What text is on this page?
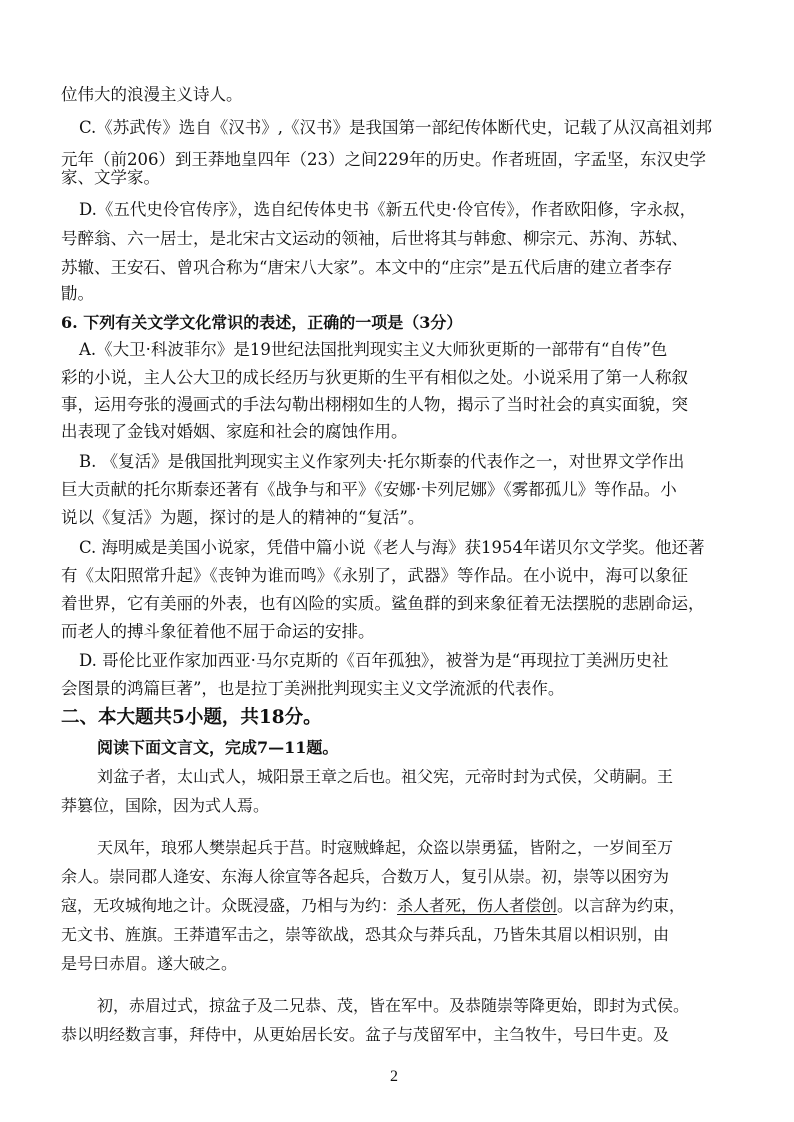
位伟大的浪漫主义诗人。
C.《苏武传》选自《汉书》,《汉书》是我国第一部纪传体断代史，记载了从汉高祖刘邦
元年（前206）到王莽地皇四年（23）之间229年的历史。作者班固，字孟坚，东汉史学
家、文学家。
D.《五代史伶官传序》，选自纪传体史书《新五代史·伶官传》，作者欧阳修，字永叔，
号醉翁、六一居士，是北宋古文运动的领袖，后世将其与韩愈、柳宗元、苏洵、苏轼、
苏辙、王安石、曾巩合称为“唐宋八大家”。本文中的“庄宗”是五代后唐的建立者李存
勖。
6. 下列有关文学文化常识的表述，正确的一项是（3分）
A.《大卫·科波菲尔》是19世纪法国批判现实主义大师狄更斯的一部带有“自传”色
彩的小说，主人公大卫的成长经历与狄更斯的生平有相似之处。小说采用了第一人称叙
事，运用夸张的漫画式的手法勾勒出栩栩如生的人物，揭示了当时社会的真实面貌，突
出表现了金钱对婚姻、家庭和社会的腐蚀作用。
B. 《复活》是俄国批判现实主义作家列夫·托尔斯泰的代表作之一，对世界文学作出
巨大贡献的托尔斯泰还著有《战争与和平》《安娜·卡列尼娜》《雾都孤儿》等作品。小
说以《复活》为题，探讨的是人的精神的“复活”。
C. 海明威是美国小说家，凭借中篇小说《老人与海》获1954年诺贝尔文学奖。他还著
有《太阳照常升起》《丧钟为谁而鸣》《永别了，武器》等作品。在小说中，海可以象征
着世界，它有美丽的外表，也有凶险的实质。鲨鱼群的到来象征着无法摆脱的悲剧命运，
而老人的搏斗象征着他不屈于命运的安排。
D. 哥伦比亚作家加西亚·马尔克斯的《百年孤独》，被誉为是“再现拉丁美洲历史社
会图景的鸿篇巨著”，也是拉丁美洲批判现实主义文学流派的代表作。
二、本大题共5小题，共18分。
阅读下面文言文，完成7—11题。
刘盆子者，太山式人，城阳景王章之后也。祖父宪，元帝时封为式侯，父萌嗣。王
莽篡位，国除，因为式人焉。
天凤年，琅邪人樊崇起兵于莒。时寇贼蜂起，众盗以崇勇猛，皆附之，一岁间至万
余人。崇同郡人逄安、东海人徐宣等各起兵，合数万人，复引从崇。初，崇等以困穷为
寇，无攻城徇地之计。众既浸盛，乃相与为约：杀人者死，伤人者偿创。以言辞为约束，
无文书、旌旗。王莽遣军击之，崇等欲战，恐其众与莽兵乱，乃皆朱其眉以相识别，由
是号曰赤眉。遂大破之。
初，赤眉过式，掠盆子及二兄恭、茂，皆在军中。及恭随崇等降更始，即封为式侯。
恭以明经数言事，拜侍中，从更始居长安。盆子与茂留军中，主刍牧牛，号曰牛吏。及
2
